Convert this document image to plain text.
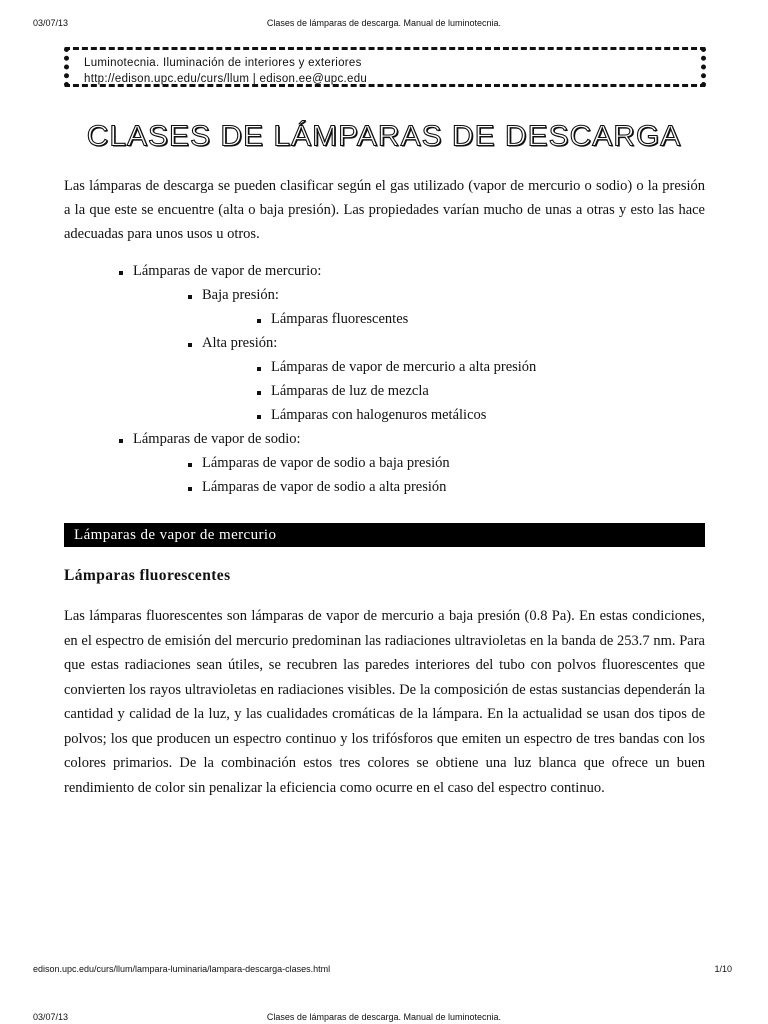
03/07/13	Clases de lámparas de descarga. Manual de luminotecnia.
Luminotecnia. Iluminación de interiores y exteriores
http://edison.upc.edu/curs/llum | edison.ee@upc.edu
CLASES DE LÁMPARAS DE DESCARGA

Las lámparas de descarga se pueden clasificar según el gas utilizado (vapor de mercurio o sodio) o la presión a la que este se encuentre (alta o baja presión). Las propiedades varían mucho de unas a otras y esto las hace adecuadas para unos usos u otros.

Lámparas de vapor de mercurio:
Baja presión:
Lámparas fluorescentes
Alta presión:
Lámparas de vapor de mercurio a alta presión
Lámparas de luz de mezcla
Lámparas con halogenuros metálicos
Lámparas de vapor de sodio:
Lámparas de vapor de sodio a baja presión
Lámparas de vapor de sodio a alta presión
Lámparas de vapor de mercurio
Lámparas fluorescentes

Las lámparas fluorescentes son lámparas de vapor de mercurio a baja presión (0.8 Pa). En estas condiciones, en el espectro de emisión del mercurio predominan las radiaciones ultravioletas en la banda de 253.7 nm. Para que estas radiaciones sean útiles, se recubren las paredes interiores del tubo con polvos fluorescentes que convierten los rayos ultravioletas en radiaciones visibles. De la composición de estas sustancias dependerán la cantidad y calidad de la luz, y las cualidades cromáticas de la lámpara. En la actualidad se usan dos tipos de polvos; los que producen un espectro continuo y los trifósforos que emiten un espectro de tres bandas con los colores primarios. De la combinación estos tres colores se obtiene una luz blanca que ofrece un buen rendimiento de color sin penalizar la eficiencia como ocurre en el caso del espectro continuo.

edison.upc.edu/curs/llum/lampara-luminaria/lampara-descarga-clases.html	1/10
03/07/13	Clases de lámparas de descarga. Manual de luminotecnia.
